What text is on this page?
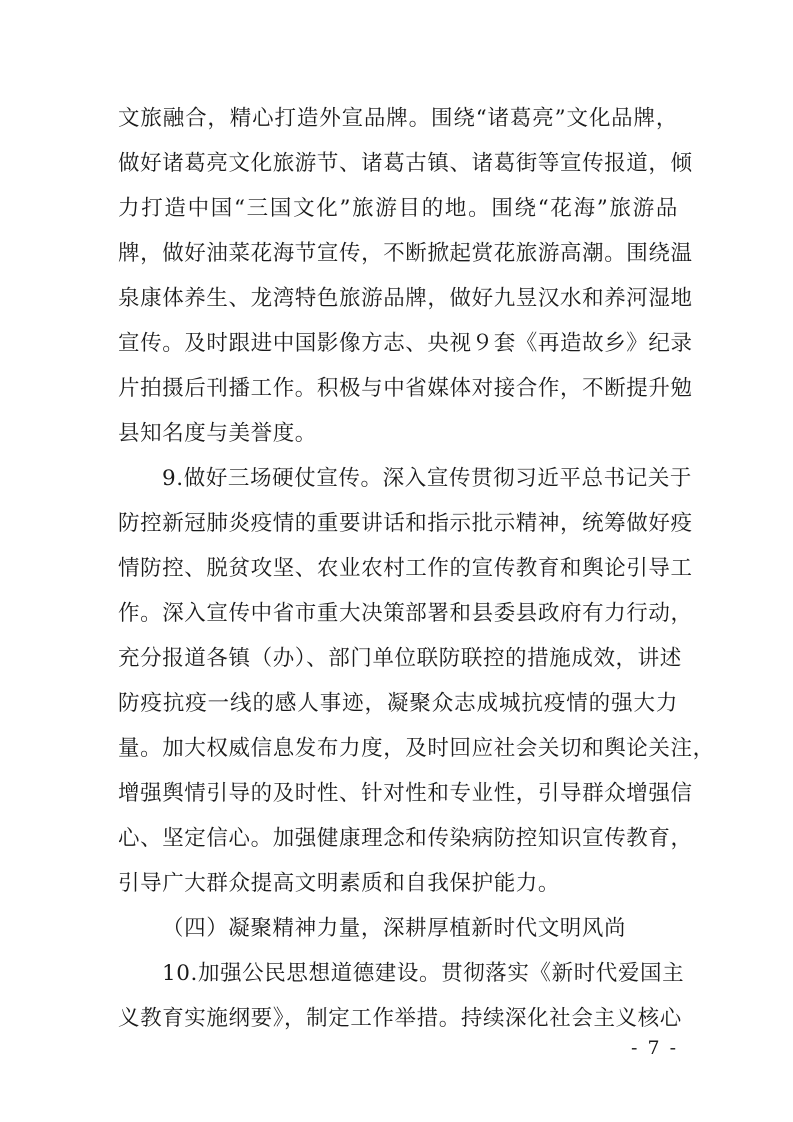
文旅融合，精心打造外宣品牌。围绕“诸葛亮”文化品牌，
做好诸葛亮文化旅游节、诸葛古镇、诸葛街等宣传报道，倾
力打造中国“三国文化”旅游目的地。围绕“花海”旅游品
牌，做好油菜花海节宣传，不断掀起赏花旅游高潮。围绕温
泉康体养生、龙湾特色旅游品牌，做好九昱汉水和养河湿地
宣传。及时跟进中国影像方志、央视９套《再造故乡》纪录
片拍摄后刊播工作。积极与中省媒体对接合作，不断提升勉
县知名度与美誉度。
9.做好三场硬仗宣传。深入宣传贯彻习近平总书记关于
防控新冠肺炎疫情的重要讲话和指示批示精神，统筹做好疫
情防控、脱贫攻坚、农业农村工作的宣传教育和舆论引导工
作。深入宣传中省市重大决策部署和县委县政府有力行动，
充分报道各镇（办）、部门单位联防联控的措施成效，讲述
防疫抗疫一线的感人事迹，凝聚众志成城抗疫情的强大力
量。加大权威信息发布力度，及时回应社会关切和舆论关注，
增强舆情引导的及时性、针对性和专业性，引导群众增强信
心、坚定信心。加强健康理念和传染病防控知识宣传教育，
引导广大群众提高文明素质和自我保护能力。
（四）凝聚精神力量，深耕厚植新时代文明风尚
10.加强公民思想道德建设。贯彻落实《新时代爱国主
义教育实施纲要》，制定工作举措。持续深化社会主义核心
- 7 -
